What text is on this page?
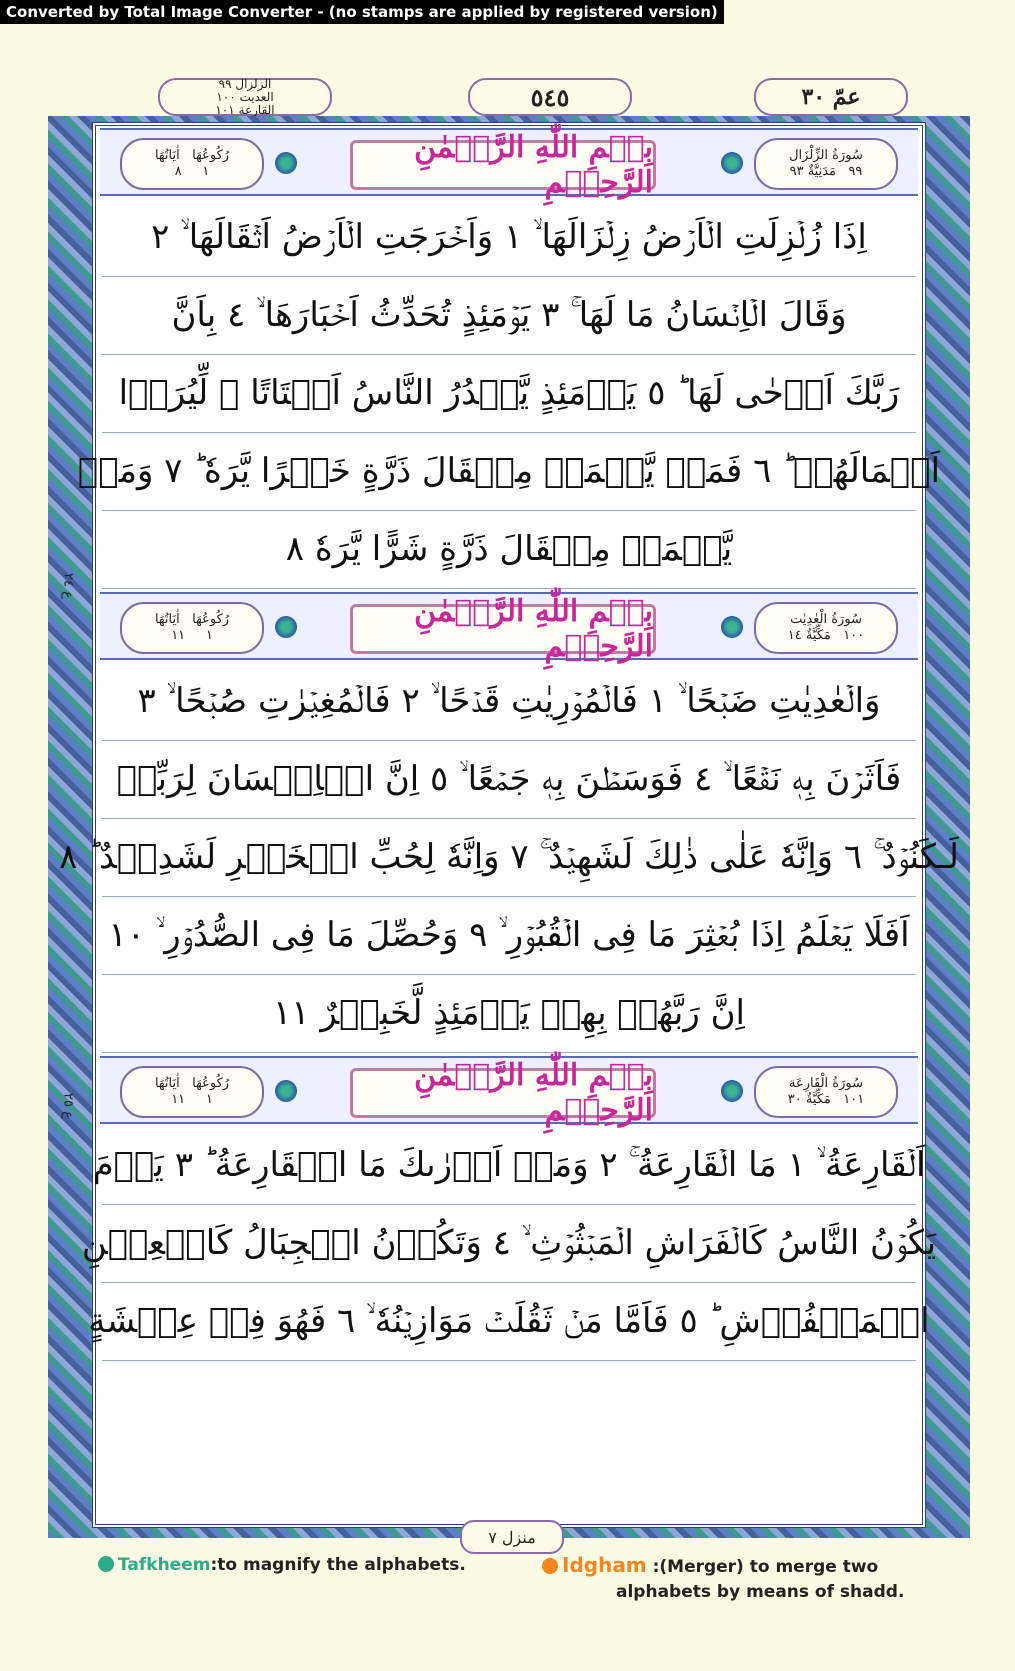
Converted by Total Image Converter - (no stamps are applied by registered version)
الزلزال ٩٩
العديت ١٠٠
القارعة ١٠١	٥٤٥	عمّ ٣٠
رُكُوعُهَا   اٰيَاتُهَا
١     ٨
بِسۡمِ اللّٰهِ الرَّحۡمٰنِ الرَّحِيۡمِ
سُورَةُ الزِّلْزَال
٩٩   مَدَنِيَّةٌ ٩٣
اِذَا زُلۡزِلَتِ الۡاَرۡضُ زِلۡزَالَهَا ۙ ١ وَاَخۡرَجَتِ الۡاَرۡضُ اَثۡقَالَهَا ۙ ٢
وَقَالَ الۡاِنۡسَانُ مَا لَهَا ۚ ٣ يَوۡمَئِذٍ تُحَدِّثُ اَخۡبَارَهَا ۙ ٤ بِاَنَّ
رَبَّكَ اَوۡحٰى لَهَا ؕ ٥ يَوۡمَئِذٍ يَّصۡدُرُ النَّاسُ اَشۡتَاتًا ۙ لِّيُرَوۡا
اَعۡمَالَهُمۡ ؕ ٦ فَمَنۡ يَّعۡمَلۡ مِثۡقَالَ ذَرَّةٍ خَيۡرًا يَّرَهٗ ؕ ٧ وَمَنۡ
يَّعۡمَلۡ مِثۡقَالَ ذَرَّةٍ شَرًّا يَّرَهٗ ٨
رُكُوعُهَا   اٰيَاتُهَا
١     ١١
بِسۡمِ اللّٰهِ الرَّحۡمٰنِ الرَّحِيۡمِ
سُورَةُ الْعٰدِيٰت
١٠٠   مَكِّيَّةٌ ١٤
وَالۡعٰدِيٰتِ ضَبۡحًا ۙ ١ فَالۡمُوۡرِيٰتِ قَدۡحًا ۙ ٢ فَالۡمُغِيۡرٰتِ صُبۡحًا ۙ ٣
فَاَثَرۡنَ بِهٖ نَقۡعًا ۙ ٤ فَوَسَطۡنَ بِهٖ جَمۡعًا ۙ ٥ اِنَّ الۡاِنۡسَانَ لِرَبِّهٖ
لَـكَنُوۡدٌ ۚ ٦ وَاِنَّهٗ عَلٰى ذٰلِكَ لَشَهِيۡدٌ ۚ ٧ وَاِنَّهٗ لِحُبِّ الۡخَيۡرِ لَشَدِيۡدٌ ؕ ٨
اَفَلَا يَعۡلَمُ اِذَا بُعۡثِرَ مَا فِى الۡقُبُوۡرِ ۙ ٩ وَحُصِّلَ مَا فِى الصُّدُوۡرِ ۙ ١٠
اِنَّ رَبَّهُمۡ بِهِمۡ يَوۡمَئِذٍ لَّخَبِيۡرٌ ١١
رُكُوعُهَا   اٰيَاتُهَا
١     ١١
بِسۡمِ اللّٰهِ الرَّحۡمٰنِ الرَّحِيۡمِ
سُورَةُ الْقَارِعَة
١٠١   مَكِّيَّةٌ ٣٠
اَلۡقَارِعَةُ ۙ ١ مَا الۡقَارِعَةُ ۚ ٢ وَمَاۤ اَدۡرٰٮكَ مَا الۡقَارِعَةُ ؕ ٣ يَوۡمَ
يَكُوۡنُ النَّاسُ كَالۡفَرَاشِ الۡمَبۡثُوۡثِ ۙ ٤ وَتَكُوۡنُ الۡجِبَالُ كَالۡعِهۡنِ
الۡمَنۡفُوۡشِ ؕ ٥ فَاَمَّا مَنۡ ثَقُلَتۡ مَوَازِيۡنُهٗ ۙ ٦ فَهُوَ فِىۡ عِيۡشَةٍ
ع ٢٤
ع ٢٥
منزل ٧
Tafkheem:to magnify the alphabets.	Idgham :(Merger) to merge two
alphabets by means of shadd.
